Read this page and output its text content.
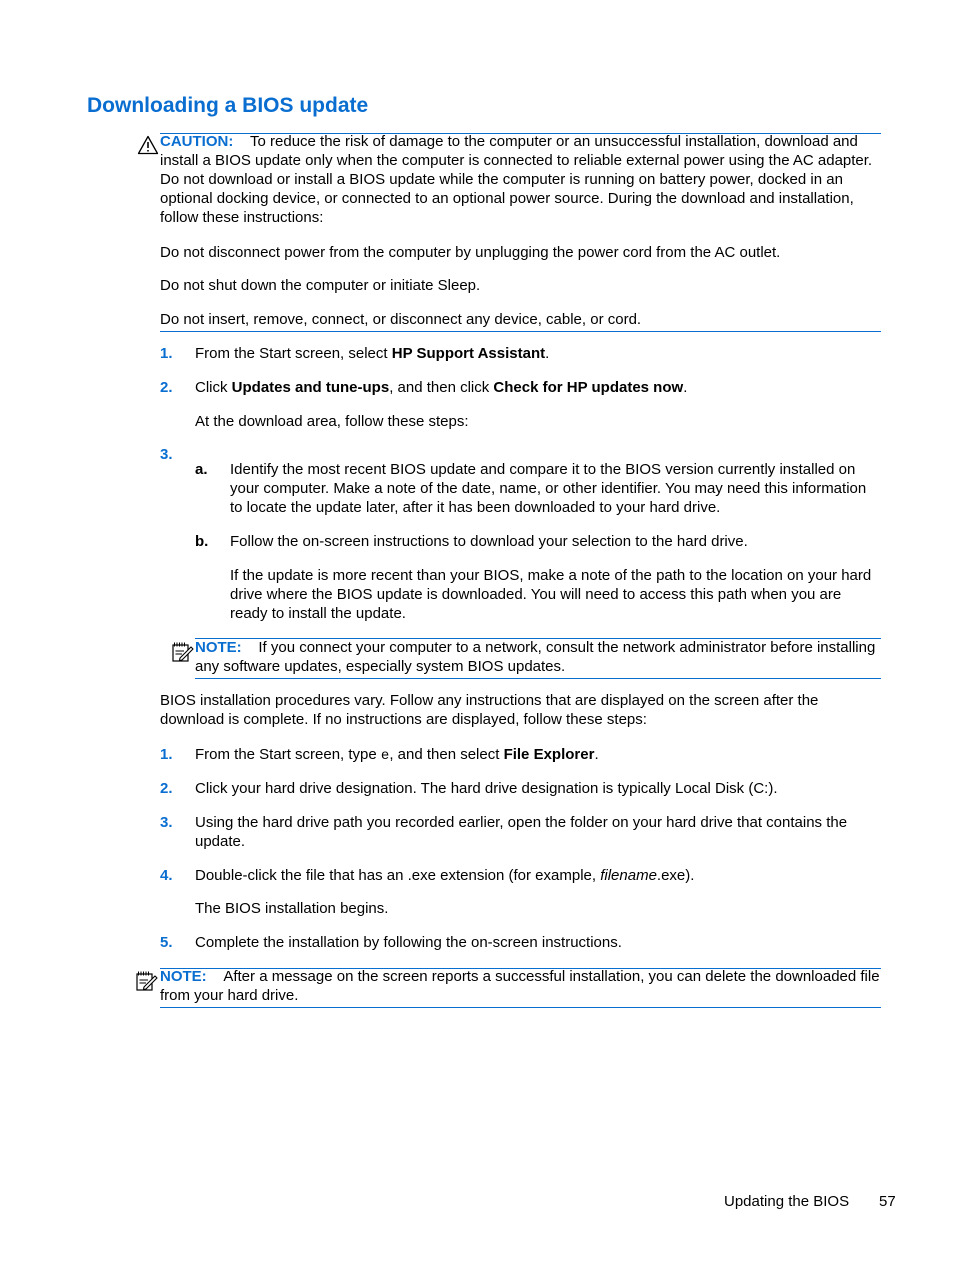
Downloading a BIOS update
CAUTION: To reduce the risk of damage to the computer or an unsuccessful installation, download and install a BIOS update only when the computer is connected to reliable external power using the AC adapter. Do not download or install a BIOS update while the computer is running on battery power, docked in an optional docking device, or connected to an optional power source. During the download and installation, follow these instructions:
Do not disconnect power from the computer by unplugging the power cord from the AC outlet.
Do not shut down the computer or initiate Sleep.
Do not insert, remove, connect, or disconnect any device, cable, or cord.
1. From the Start screen, select HP Support Assistant.
2. Click Updates and tune-ups, and then click Check for HP updates now.
At the download area, follow these steps:
3.
a. Identify the most recent BIOS update and compare it to the BIOS version currently installed on your computer. Make a note of the date, name, or other identifier. You may need this information to locate the update later, after it has been downloaded to your hard drive.
b. Follow the on-screen instructions to download your selection to the hard drive.
If the update is more recent than your BIOS, make a note of the path to the location on your hard drive where the BIOS update is downloaded. You will need to access this path when you are ready to install the update.
NOTE: If you connect your computer to a network, consult the network administrator before installing any software updates, especially system BIOS updates.
BIOS installation procedures vary. Follow any instructions that are displayed on the screen after the download is complete. If no instructions are displayed, follow these steps:
1. From the Start screen, type e, and then select File Explorer.
2. Click your hard drive designation. The hard drive designation is typically Local Disk (C:).
3. Using the hard drive path you recorded earlier, open the folder on your hard drive that contains the update.
4. Double-click the file that has an .exe extension (for example, filename.exe).
The BIOS installation begins.
5. Complete the installation by following the on-screen instructions.
NOTE: After a message on the screen reports a successful installation, you can delete the downloaded file from your hard drive.
Updating the BIOS 57
